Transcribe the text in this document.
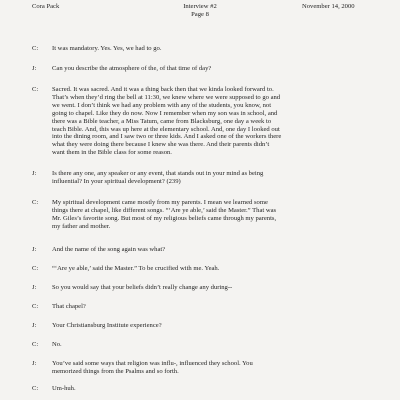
Cora Pack	Interview #2
Page 8
November 14, 2000
C:	It was mandatory. Yes. Yes, we had to go.
J:	Can you describe the atmosphere of the, of that time of day?
C:	Sacred. It was sacred. And it was a thing back then that we kinda looked forward to.
That’s when they’d ring the bell at 11:30, we knew where we were supposed to go and
we went. I don’t think we had any problem with any of the students, you know, not
going to chapel. Like they do now. Now I remember when my son was in school, and
there was a Bible teacher, a Miss Tatum, came from Blacksburg, one day a week to
teach Bible. And, this was up here at the elementary school. And, one day I looked out
into the dining room, and I saw two or three kids. And I asked one of the workers there
what they were doing there because I knew she was there. And their parents didn’t
want them in the Bible class for some reason.
J:	Is there any one, any speaker or any event, that stands out in your mind as being
influential? In your spiritual development? (239)
C:	My spiritual development came mostly from my parents. I mean we learned some
things there at chapel, like different songs. “‘Are ye able,’ said the Master.” That was
Mr. Giles’s favorite song. But most of my religious beliefs came through my parents,
my father and mother.
J:	And the name of the song again was what?
C:	“‘Are ye able,’ said the Master.” To be crucified with me. Yeah.
J:	So you would say that your beliefs didn’t really change any during--
C:	That chapel?
J:	Your Christiansburg Institute experience?
C:	No.
J:	You’ve said some ways that religion was influ-, influenced they school. You
memorized things from the Psalms and so forth.
C:	Um-huh.
